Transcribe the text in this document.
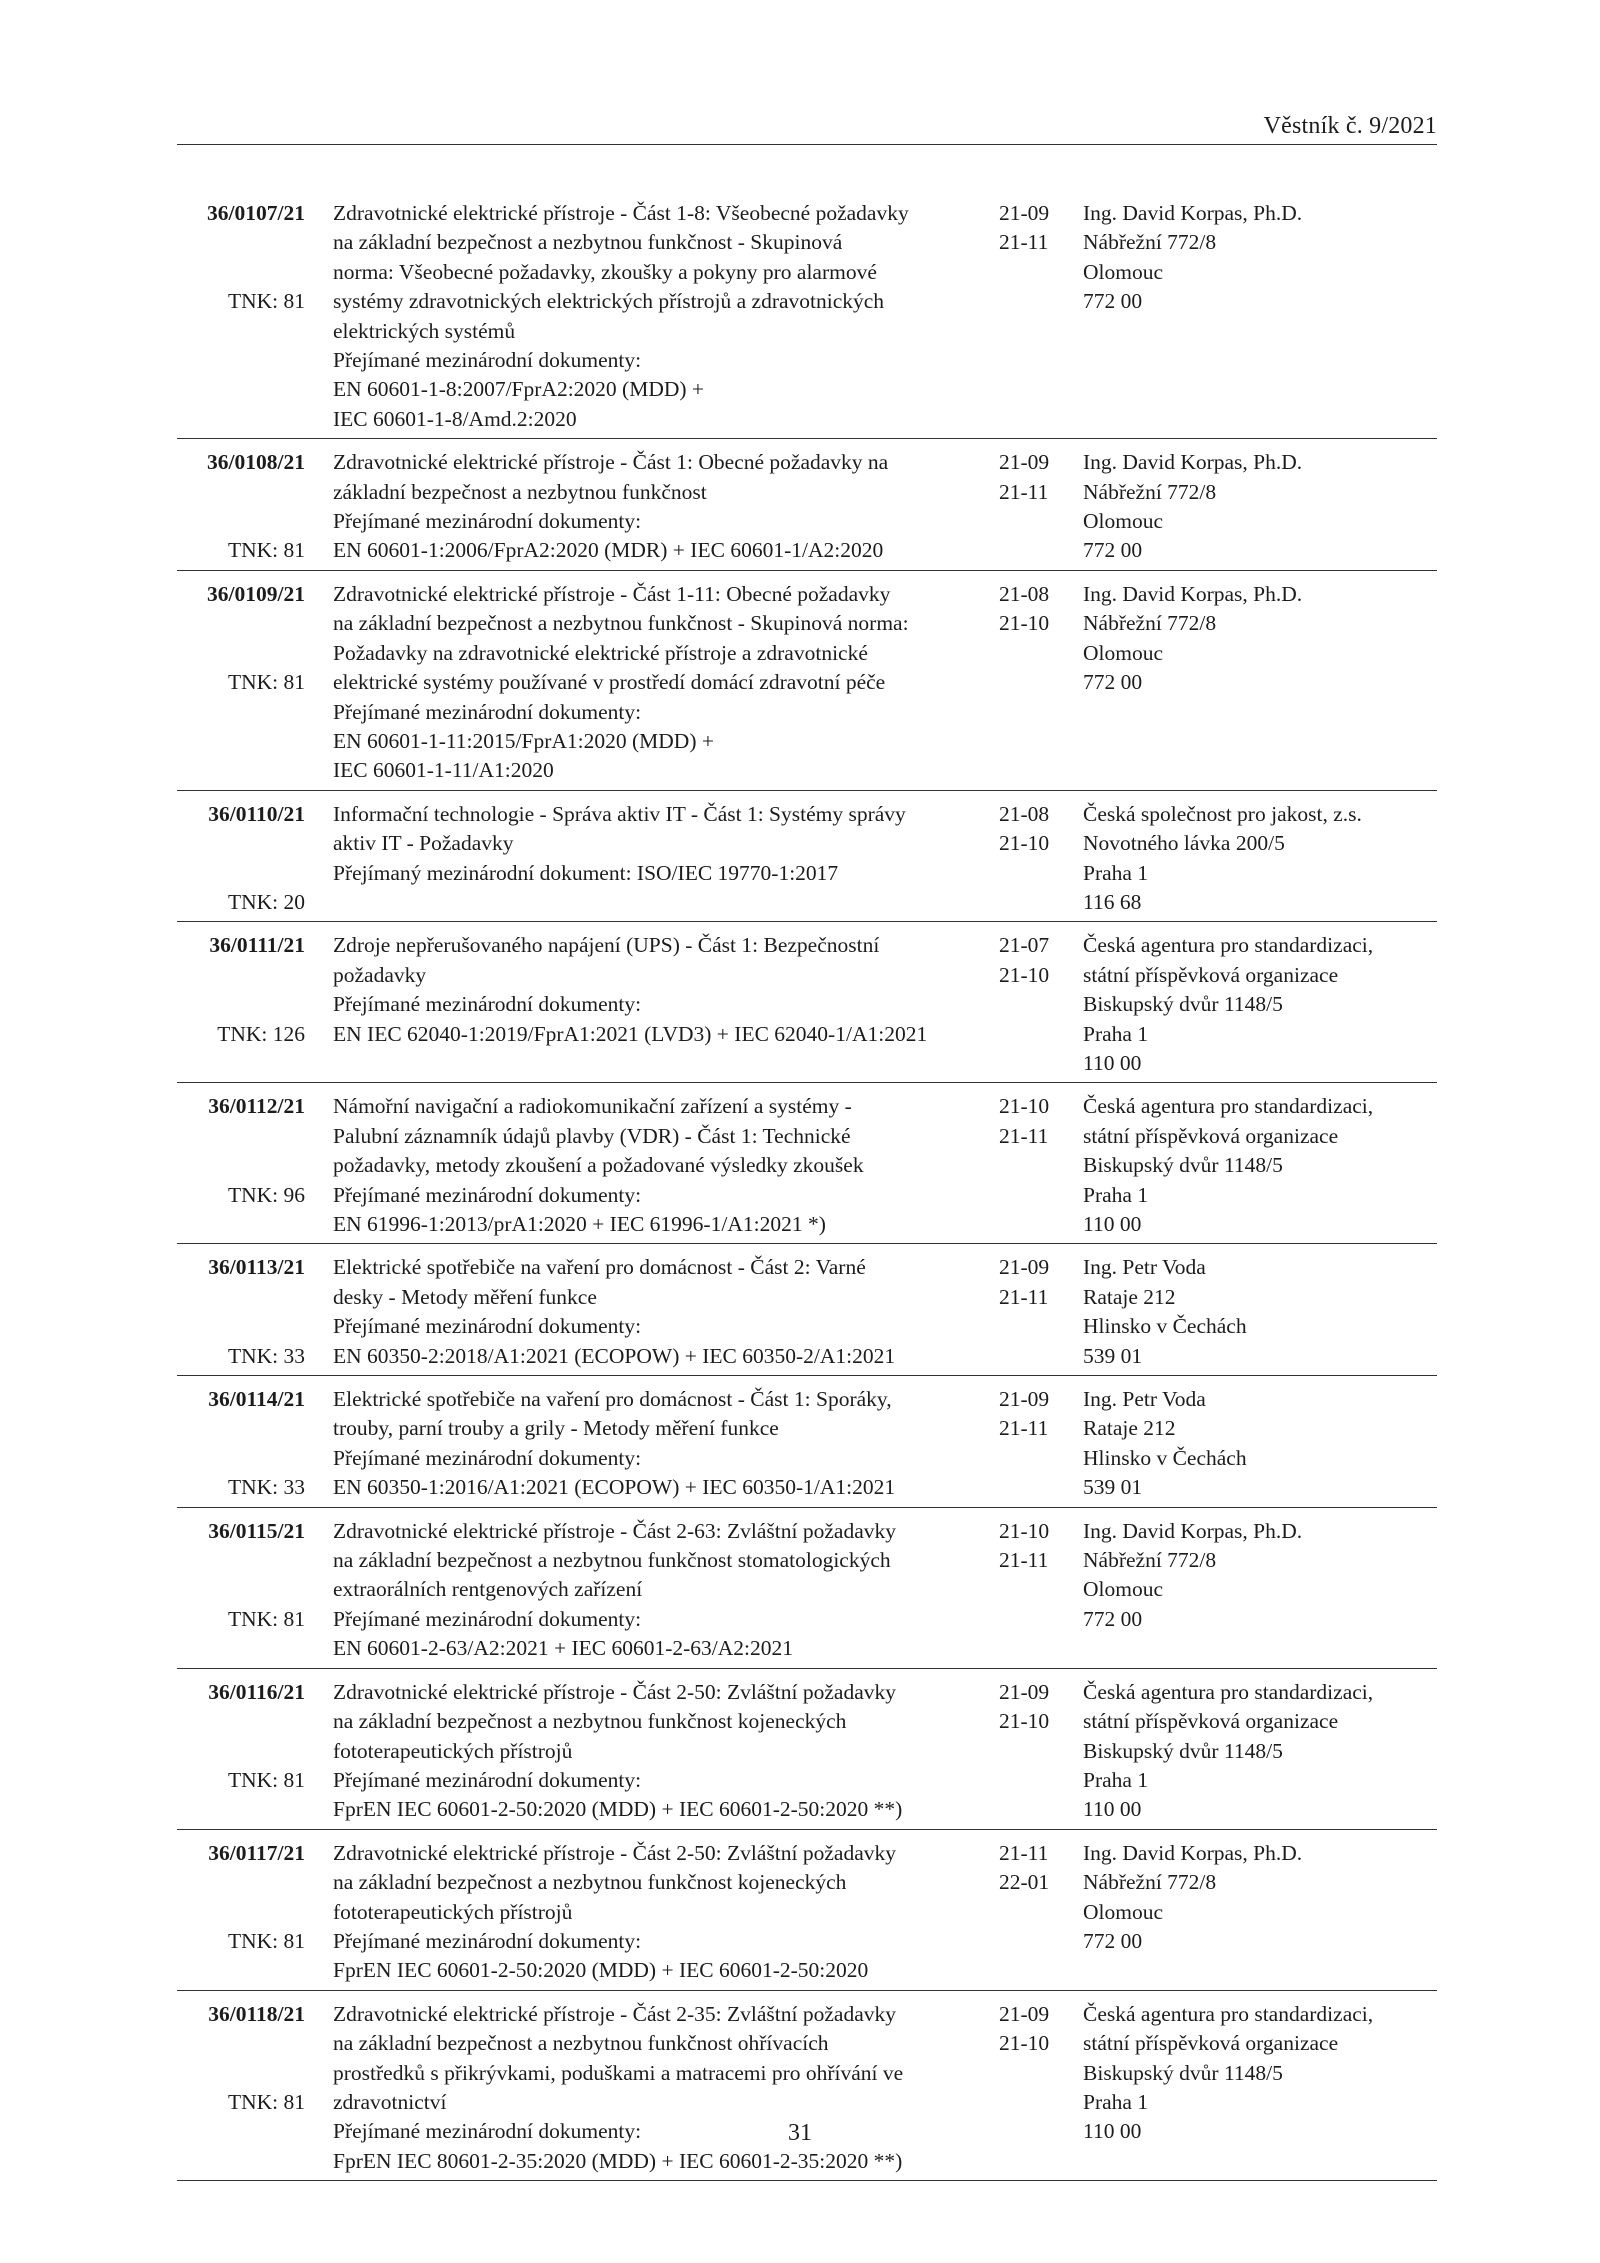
Věstník č. 9/2021
36/0107/21
TNK: 81
Zdravotnické elektrické přístroje - Část 1-8: Všeobecné požadavky
na základní bezpečnost a nezbytnou funkčnost - Skupinová
norma: Všeobecné požadavky, zkoušky a pokyny pro alarmové
systémy zdravotnických elektrických přístrojů a zdravotnických
elektrických systémů
Přejímané mezinárodní dokumenty:
EN 60601-1-8:2007/FprA2:2020 (MDD) +
IEC 60601-1-8/Amd.2:2020
21-09
21-11
Ing. David Korpas, Ph.D.
Nábřežní 772/8
Olomouc
772 00
36/0108/21
TNK: 81
Zdravotnické elektrické přístroje - Část 1: Obecné požadavky na
základní bezpečnost a nezbytnou funkčnost
Přejímané mezinárodní dokumenty:
EN 60601-1:2006/FprA2:2020 (MDR) + IEC 60601-1/A2:2020
21-09
21-11
Ing. David Korpas, Ph.D.
Nábřežní 772/8
Olomouc
772 00
36/0109/21
TNK: 81
Zdravotnické elektrické přístroje - Část 1-11: Obecné požadavky
na základní bezpečnost a nezbytnou funkčnost - Skupinová norma:
Požadavky na zdravotnické elektrické přístroje a zdravotnické
elektrické systémy používané v prostředí domácí zdravotní péče
Přejímané mezinárodní dokumenty:
EN 60601-1-11:2015/FprA1:2020 (MDD) +
IEC 60601-1-11/A1:2020
21-08
21-10
Ing. David Korpas, Ph.D.
Nábřežní 772/8
Olomouc
772 00
36/0110/21
TNK: 20
Informační technologie - Správa aktiv IT - Část 1: Systémy správy
aktiv IT - Požadavky
Přejímaný mezinárodní dokument: ISO/IEC 19770-1:2017
21-08
21-10
Česká společnost pro jakost, z.s.
Novotného lávka 200/5
Praha 1
116 68
36/0111/21
TNK: 126
Zdroje nepřerušovaného napájení (UPS) - Část 1: Bezpečnostní
požadavky
Přejímané mezinárodní dokumenty:
EN IEC 62040-1:2019/FprA1:2021 (LVD3) + IEC 62040-1/A1:2021
21-07
21-10
Česká agentura pro standardizaci,
státní příspěvková organizace
Biskupský dvůr 1148/5
Praha 1
110 00
36/0112/21
TNK: 96
Námořní navigační a radiokomunikační zařízení a systémy -
Palubní záznamník údajů plavby (VDR) - Část 1: Technické
požadavky, metody zkoušení a požadované výsledky zkoušek
Přejímané mezinárodní dokumenty:
EN 61996-1:2013/prA1:2020 + IEC 61996-1/A1:2021 *)
21-10
21-11
Česká agentura pro standardizaci,
státní příspěvková organizace
Biskupský dvůr 1148/5
Praha 1
110 00
36/0113/21
TNK: 33
Elektrické spotřebiče na vaření pro domácnost - Část 2: Varné
desky - Metody měření funkce
Přejímané mezinárodní dokumenty:
EN 60350-2:2018/A1:2021 (ECOPOW) + IEC 60350-2/A1:2021
21-09
21-11
Ing. Petr Voda
Rataje 212
Hlinsko v Čechách
539 01
36/0114/21
TNK: 33
Elektrické spotřebiče na vaření pro domácnost - Část 1: Sporáky,
trouby, parní trouby a grily - Metody měření funkce
Přejímané mezinárodní dokumenty:
EN 60350-1:2016/A1:2021 (ECOPOW) + IEC 60350-1/A1:2021
21-09
21-11
Ing. Petr Voda
Rataje 212
Hlinsko v Čechách
539 01
36/0115/21
TNK: 81
Zdravotnické elektrické přístroje - Část 2-63: Zvláštní požadavky
na základní bezpečnost a nezbytnou funkčnost stomatologických
extraorálních rentgenových zařízení
Přejímané mezinárodní dokumenty:
EN 60601-2-63/A2:2021 + IEC 60601-2-63/A2:2021
21-10
21-11
Ing. David Korpas, Ph.D.
Nábřežní 772/8
Olomouc
772 00
36/0116/21
TNK: 81
Zdravotnické elektrické přístroje - Část 2-50: Zvláštní požadavky
na základní bezpečnost a nezbytnou funkčnost kojeneckých
fototerapeutických přístrojů
Přejímané mezinárodní dokumenty:
FprEN IEC 60601-2-50:2020 (MDD) + IEC 60601-2-50:2020 **)
21-09
21-10
Česká agentura pro standardizaci,
státní příspěvková organizace
Biskupský dvůr 1148/5
Praha 1
110 00
36/0117/21
TNK: 81
Zdravotnické elektrické přístroje - Část 2-50: Zvláštní požadavky
na základní bezpečnost a nezbytnou funkčnost kojeneckých
fototerapeutických přístrojů
Přejímané mezinárodní dokumenty:
FprEN IEC 60601-2-50:2020 (MDD) + IEC 60601-2-50:2020
21-11
22-01
Ing. David Korpas, Ph.D.
Nábřežní 772/8
Olomouc
772 00
36/0118/21
TNK: 81
Zdravotnické elektrické přístroje - Část 2-35: Zvláštní požadavky
na základní bezpečnost a nezbytnou funkčnost ohřívacích
prostředků s přikrývkami, poduškami a matracemi pro ohřívání ve
zdravotnictví
Přejímané mezinárodní dokumenty:
FprEN IEC 80601-2-35:2020 (MDD) + IEC 60601-2-35:2020 **)
21-09
21-10
Česká agentura pro standardizaci,
státní příspěvková organizace
Biskupský dvůr 1148/5
Praha 1
110 00
31
